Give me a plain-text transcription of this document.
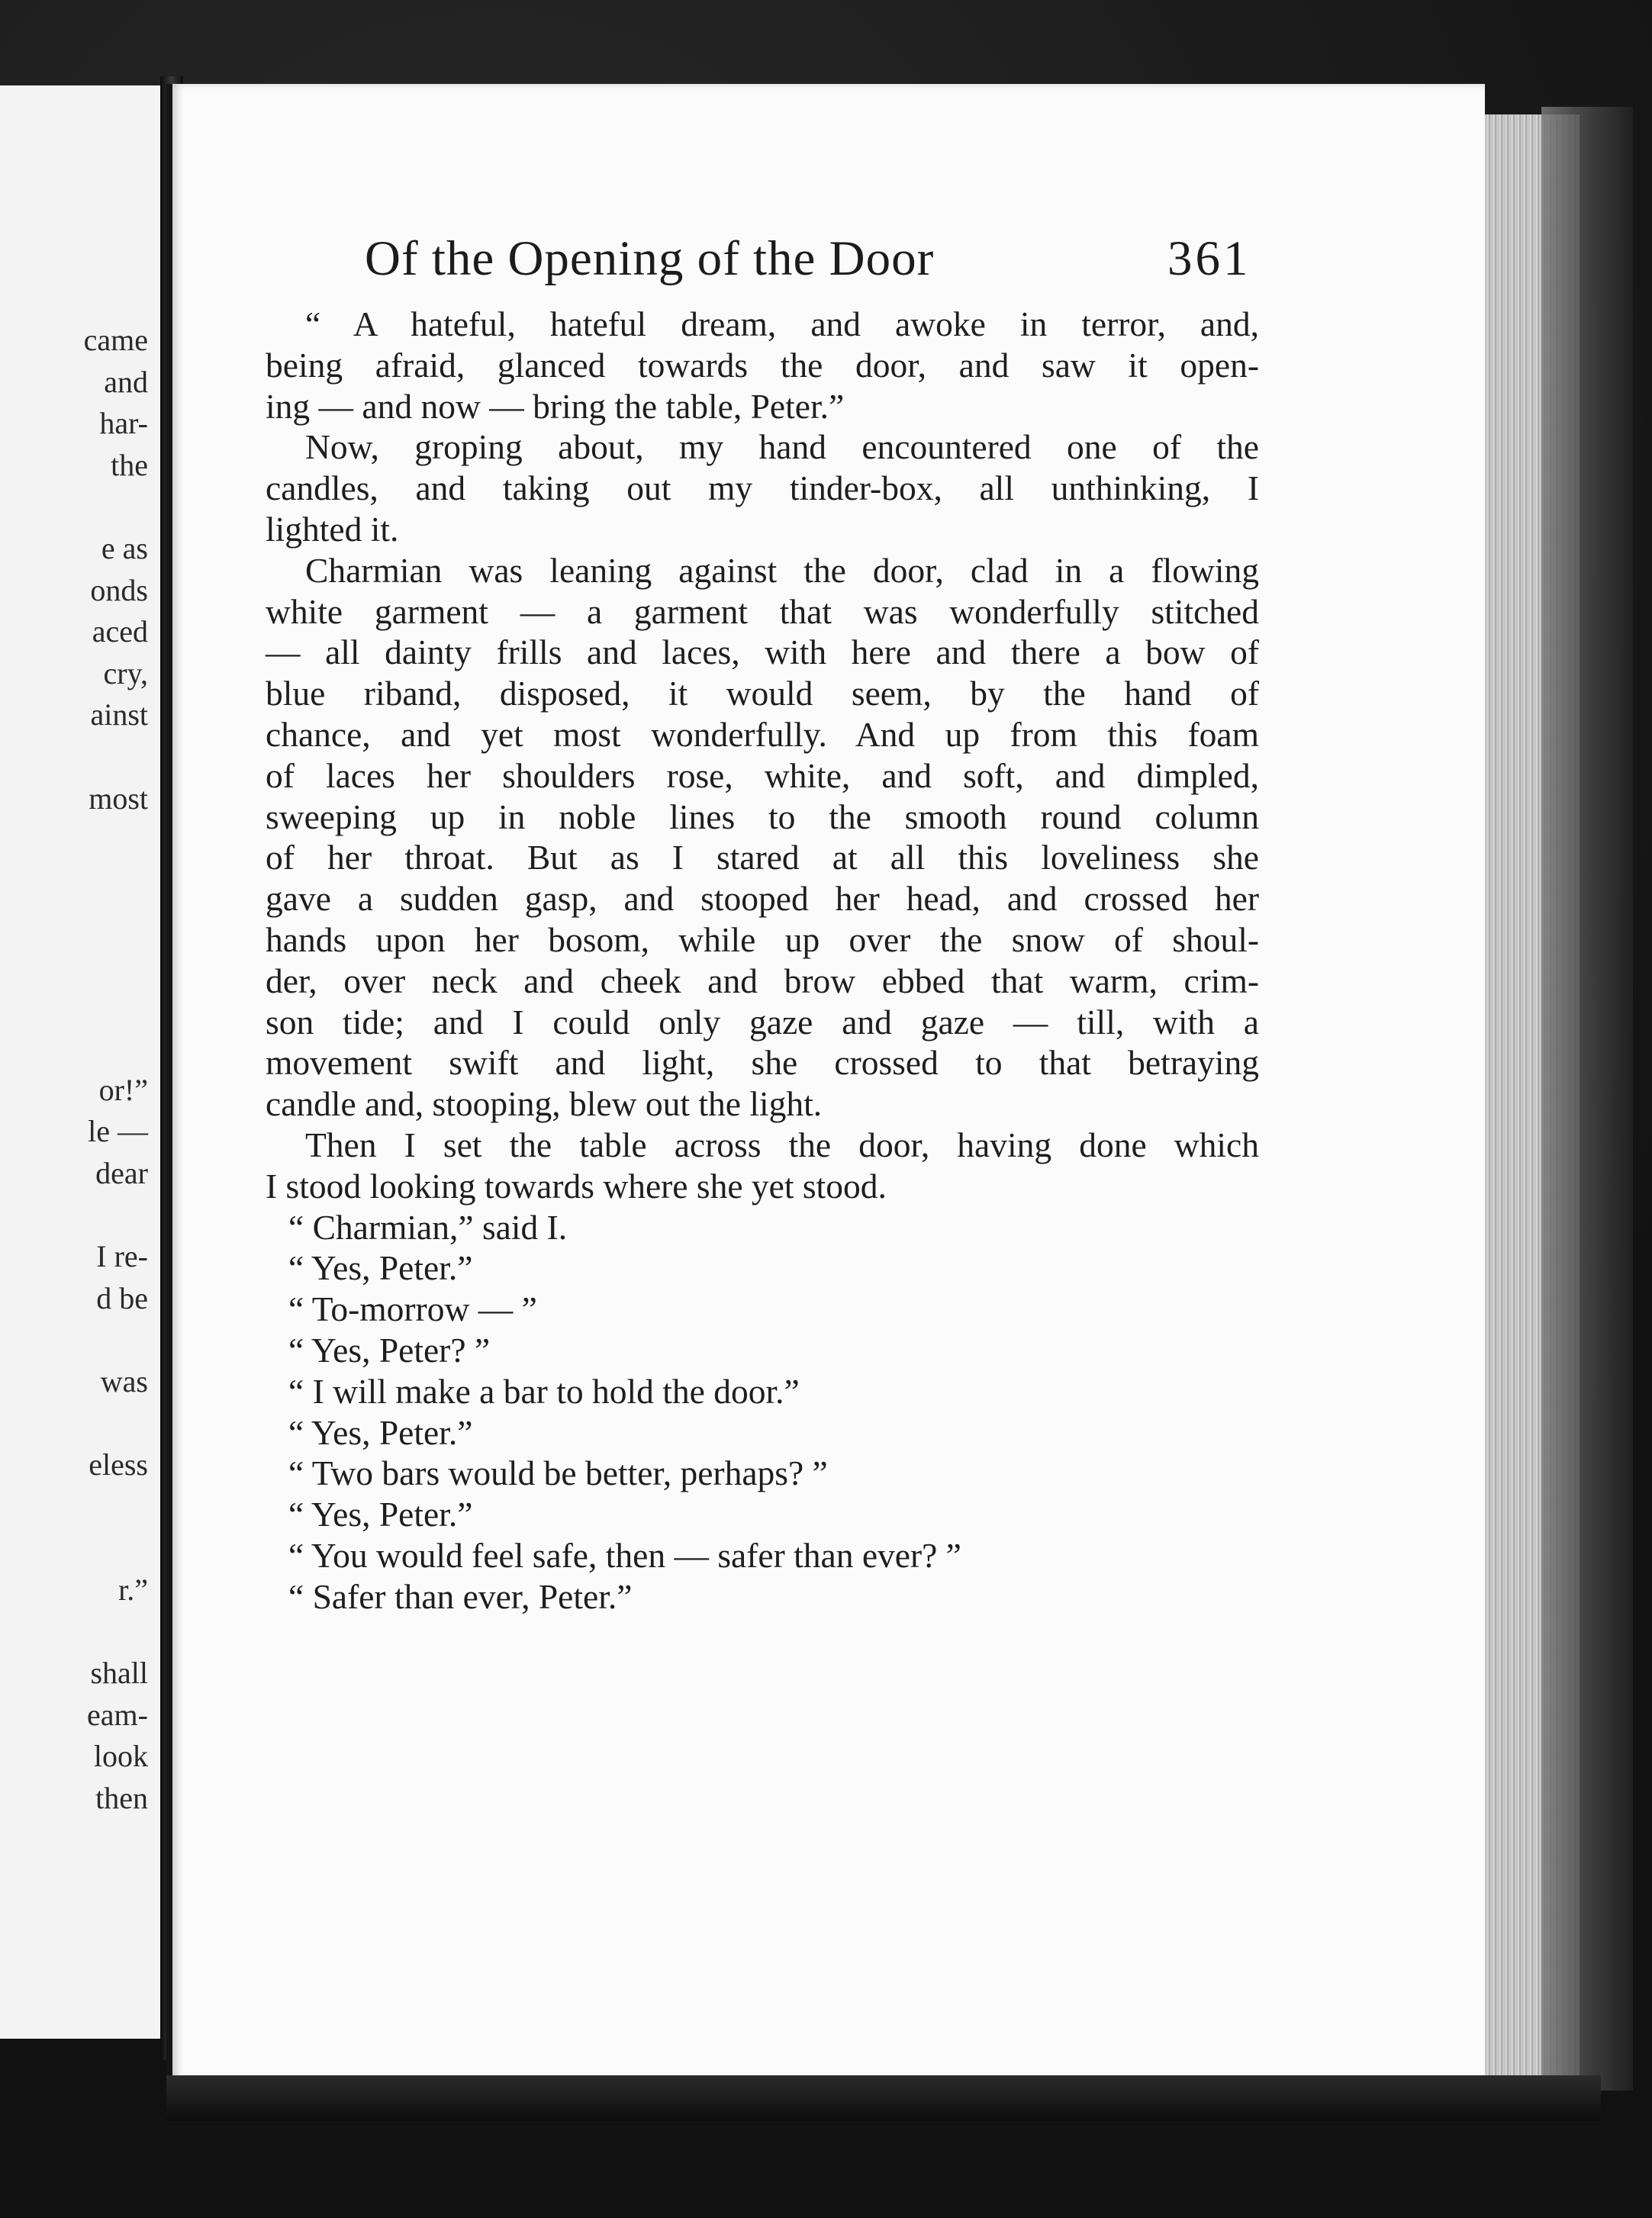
came
and
har-
the
e as
onds
aced
cry,
ainst
most
or!”
le —
dear
I re-
d be
was
eless
r.”
shall
eam-
look
then
Of the Opening of the Door	361
“ A hateful, hateful dream, and awoke in terror, and,
being afraid, glanced towards the door, and saw it open-
ing — and now — bring the table, Peter.”
Now, groping about, my hand encountered one of the
candles, and taking out my tinder-box, all unthinking, I
lighted it.
Charmian was leaning against the door, clad in a flowing
white garment — a garment that was wonderfully stitched
— all dainty frills and laces, with here and there a bow of
blue riband, disposed, it would seem, by the hand of
chance, and yet most wonderfully. And up from this foam
of laces her shoulders rose, white, and soft, and dimpled,
sweeping up in noble lines to the smooth round column
of her throat. But as I stared at all this loveliness she
gave a sudden gasp, and stooped her head, and crossed her
hands upon her bosom, while up over the snow of shoul-
der, over neck and cheek and brow ebbed that warm, crim-
son tide; and I could only gaze and gaze — till, with a
movement swift and light, she crossed to that betraying
candle and, stooping, blew out the light.
Then I set the table across the door, having done which
I stood looking towards where she yet stood.
“ Charmian,” said I.
“ Yes, Peter.”
“ To-morrow — ”
“ Yes, Peter? ”
“ I will make a bar to hold the door.”
“ Yes, Peter.”
“ Two bars would be better, perhaps? ”
“ Yes, Peter.”
“ You would feel safe, then — safer than ever? ”
“ Safer than ever, Peter.”
